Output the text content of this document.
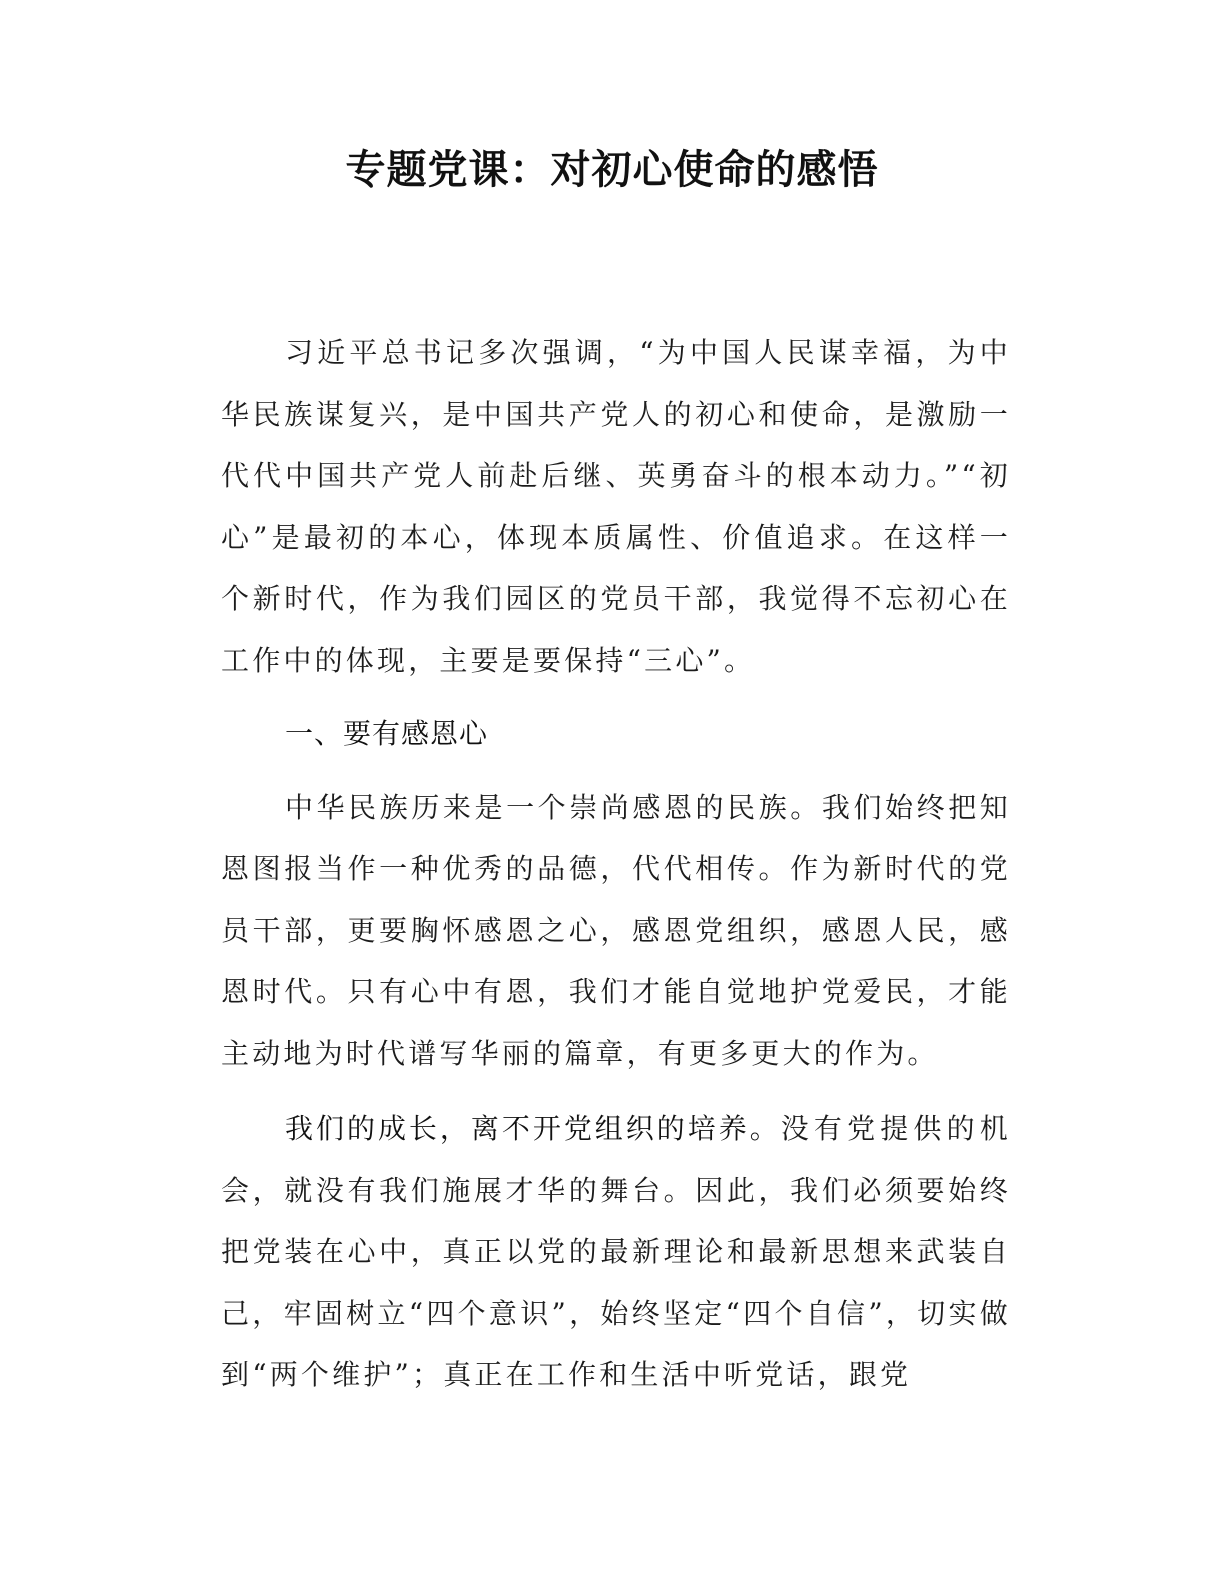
专题党课：对初心使命的感悟

习近平总书记多次强调，“为中国人民谋幸福，为中华民族谋复兴，是中国共产党人的初心和使命，是激励一代代中国共产党人前赴后继、英勇奋斗的根本动力。”“初心”是最初的本心，体现本质属性、价值追求。在这样一个新时代，作为我们园区的党员干部，我觉得不忘初心在工作中的体现，主要是要保持“三心”。

一、要有感恩心

中华民族历来是一个崇尚感恩的民族。我们始终把知恩图报当作一种优秀的品德，代代相传。作为新时代的党员干部，更要胸怀感恩之心，感恩党组织，感恩人民，感恩时代。只有心中有恩，我们才能自觉地护党爱民，才能主动地为时代谱写华丽的篇章，有更多更大的作为。

我们的成长，离不开党组织的培养。没有党提供的机会，就没有我们施展才华的舞台。因此，我们必须要始终把党装在心中，真正以党的最新理论和最新思想来武装自己，牢固树立“四个意识”，始终坚定“四个自信”，切实做到“两个维护”；真正在工作和生活中听党话，跟党
